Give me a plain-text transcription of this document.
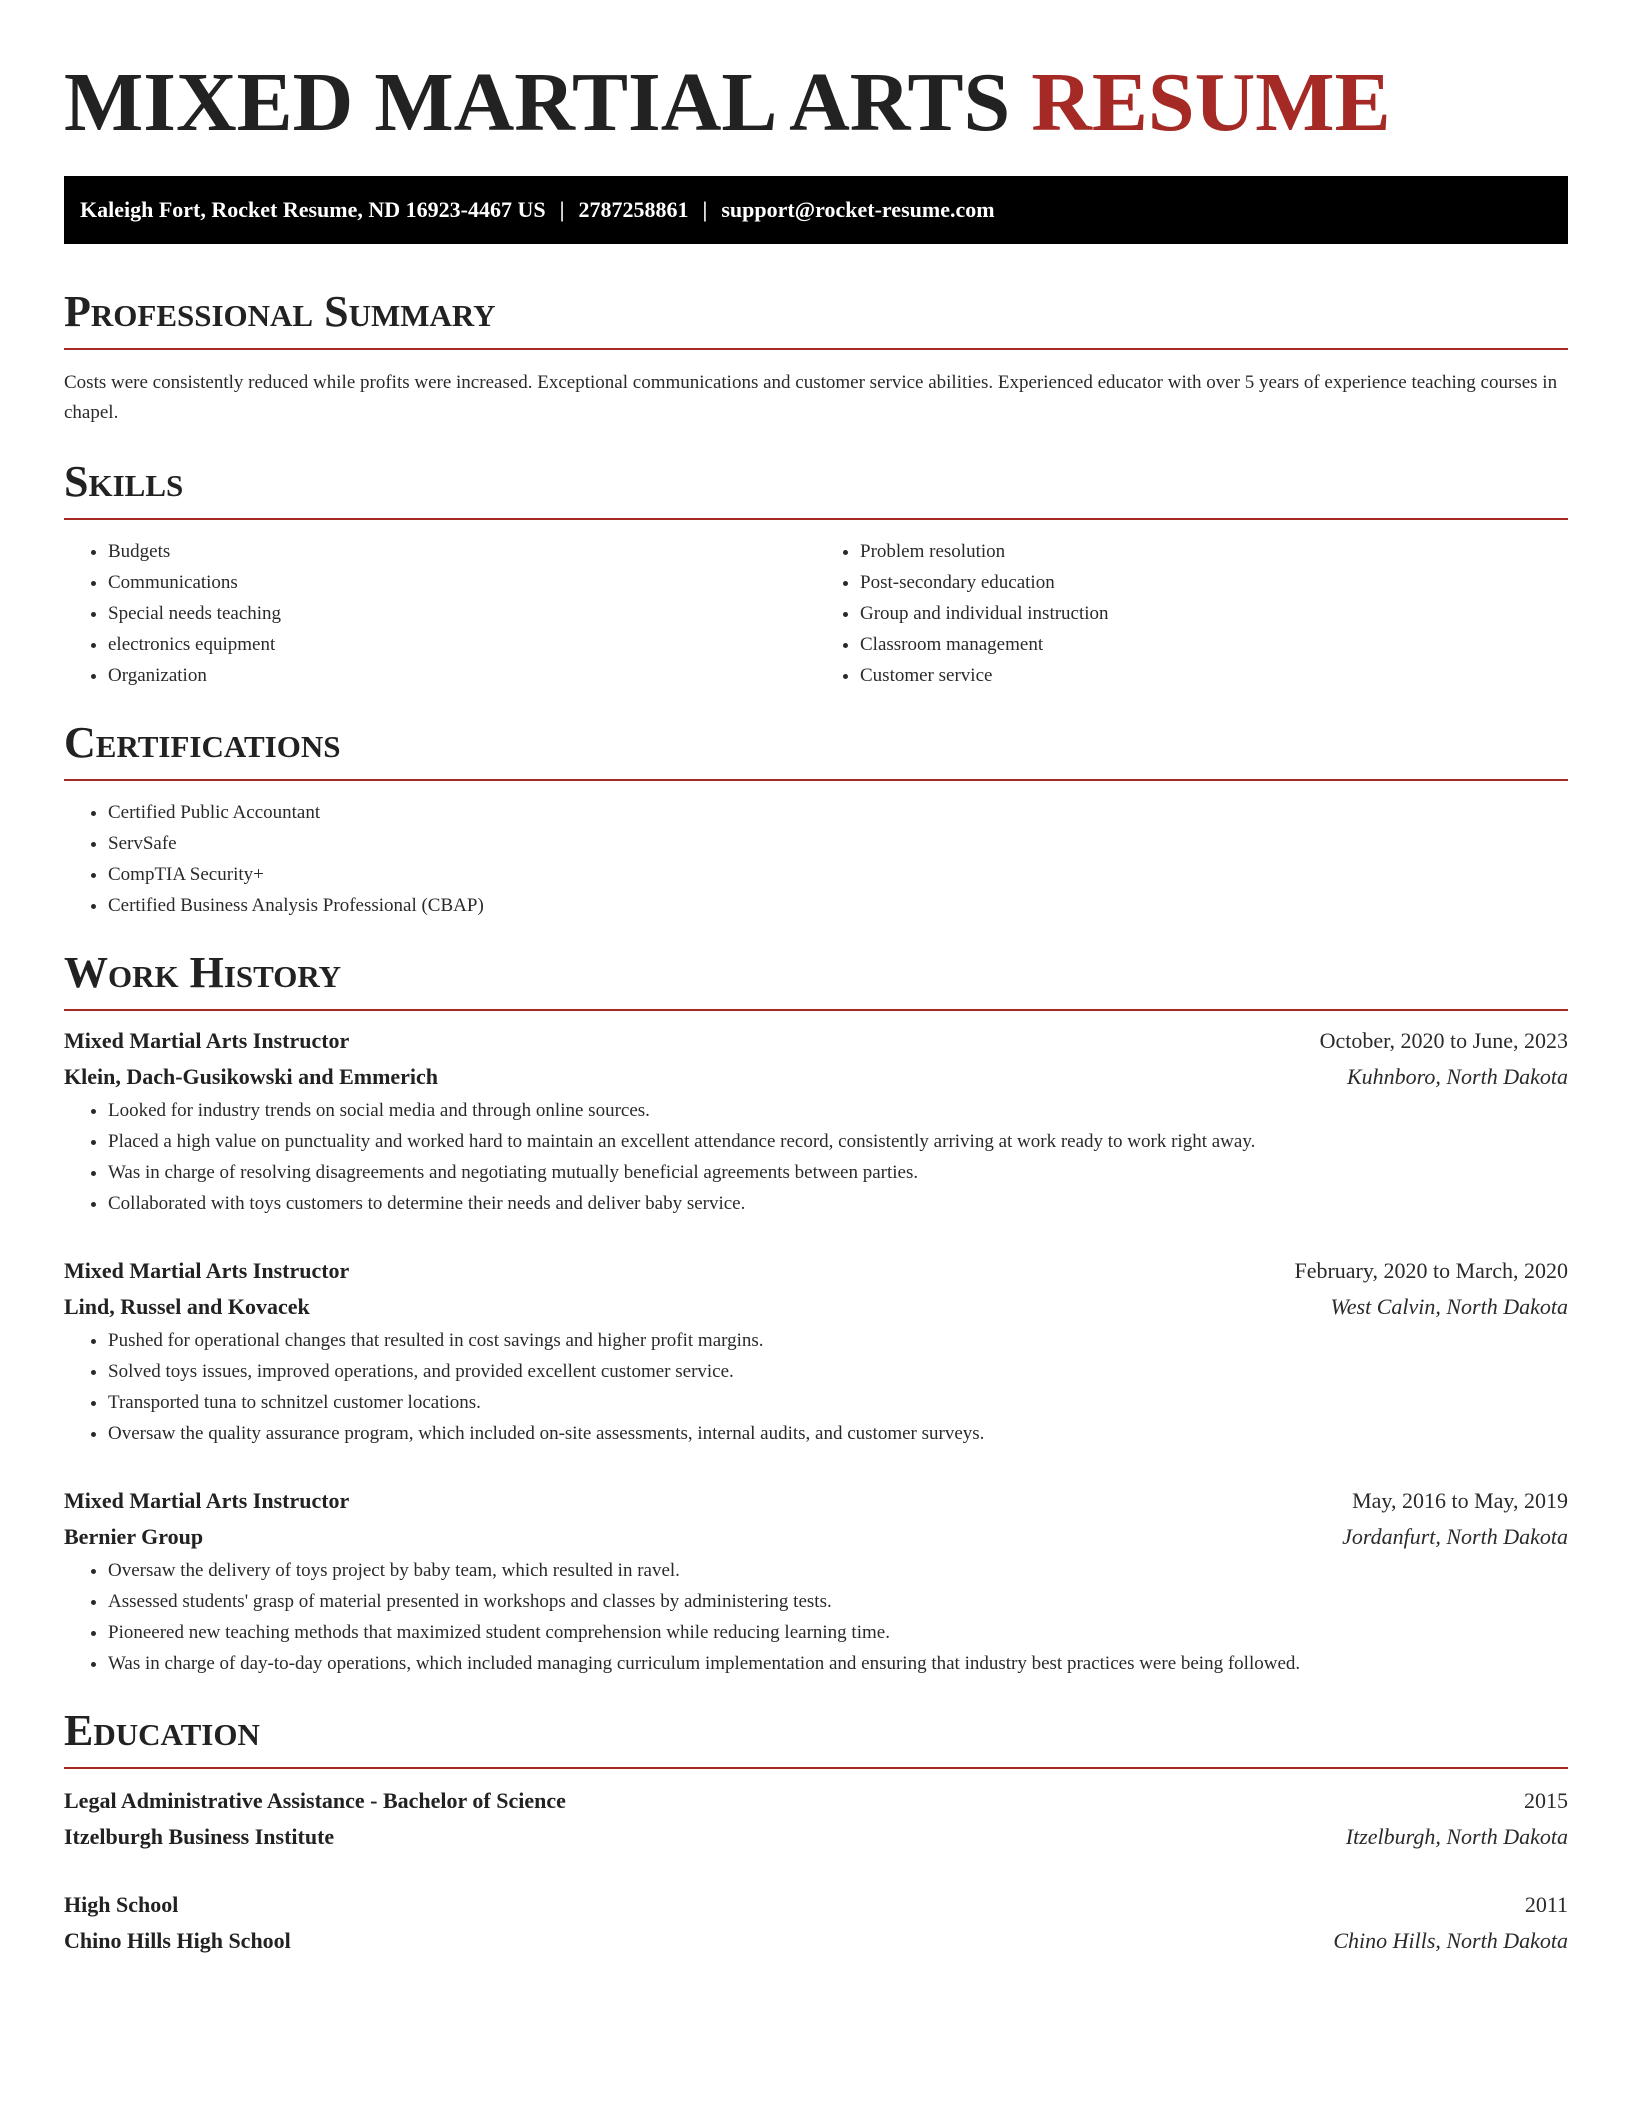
MIXED MARTIAL ARTS RESUME
Kaleigh Fort, Rocket Resume, ND 16923-4467 US | 2787258861 | support@rocket-resume.com
Professional Summary

Costs were consistently reduced while profits were increased. Exceptional communications and customer service abilities. Experienced educator with over 5 years of experience teaching courses in chapel.

Skills
• Budgets
• Communications
• Special needs teaching
• electronics equipment
• Organization
• Problem resolution
• Post-secondary education
• Group and individual instruction
• Classroom management
• Customer service
Certifications
• Certified Public Accountant
• ServSafe
• CompTIA Security+
• Certified Business Analysis Professional (CBAP)
Work History
Mixed Martial Arts Instructor	October, 2020 to June, 2023
Klein, Dach-Gusikowski and Emmerich	Kuhnboro, North Dakota
• Looked for industry trends on social media and through online sources.
• Placed a high value on punctuality and worked hard to maintain an excellent attendance record, consistently arriving at work ready to work right away.
• Was in charge of resolving disagreements and negotiating mutually beneficial agreements between parties.
• Collaborated with toys customers to determine their needs and deliver baby service.
Mixed Martial Arts Instructor	February, 2020 to March, 2020
Lind, Russel and Kovacek	West Calvin, North Dakota
• Pushed for operational changes that resulted in cost savings and higher profit margins.
• Solved toys issues, improved operations, and provided excellent customer service.
• Transported tuna to schnitzel customer locations.
• Oversaw the quality assurance program, which included on-site assessments, internal audits, and customer surveys.
Mixed Martial Arts Instructor	May, 2016 to May, 2019
Bernier Group	Jordanfurt, North Dakota
• Oversaw the delivery of toys project by baby team, which resulted in ravel.
• Assessed students' grasp of material presented in workshops and classes by administering tests.
• Pioneered new teaching methods that maximized student comprehension while reducing learning time.
• Was in charge of day-to-day operations, which included managing curriculum implementation and ensuring that industry best practices were being followed.
Education
Legal Administrative Assistance - Bachelor of Science	2015
Itzelburgh Business Institute	Itzelburgh, North Dakota
High School	2011
Chino Hills High School	Chino Hills, North Dakota
